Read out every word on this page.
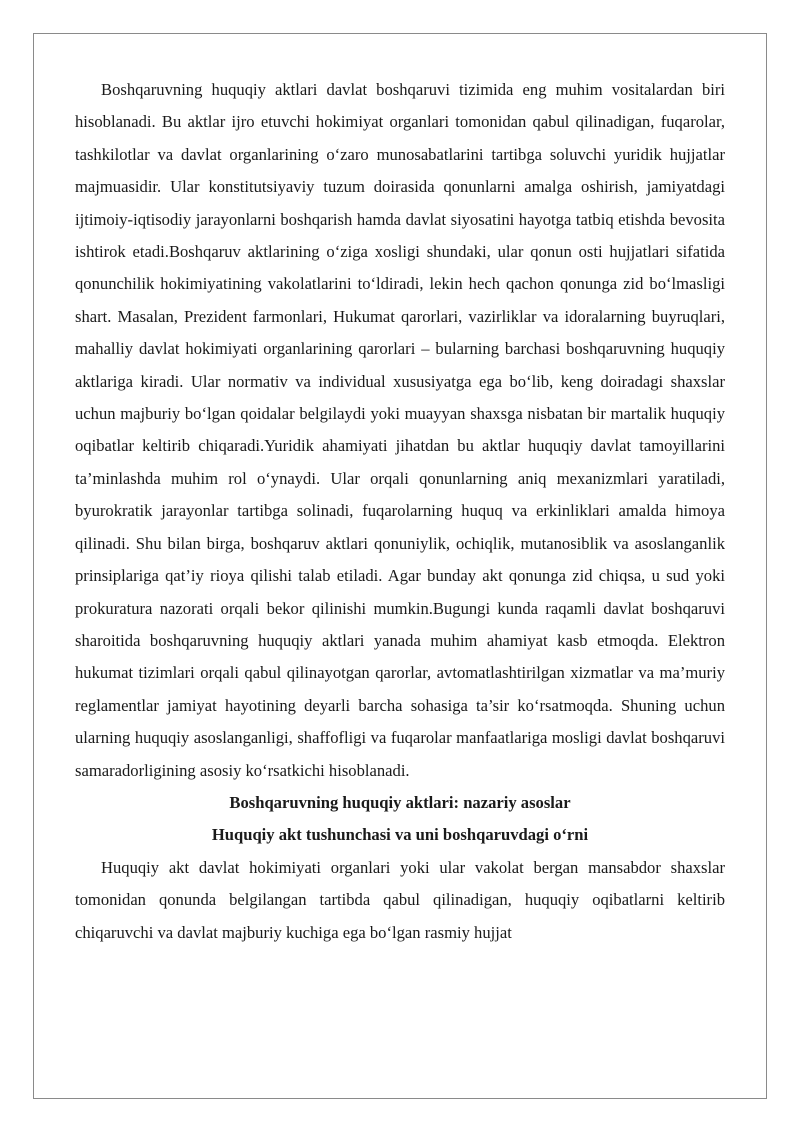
Boshqaruvning huquqiy aktlari davlat boshqaruvi tizimida eng muhim vositalardan biri hisoblanadi. Bu aktlar ijro etuvchi hokimiyat organlari tomonidan qabul qilinadigan, fuqarolar, tashkilotlar va davlat organlarining o‘zaro munosabatlarini tartibga soluvchi yuridik hujjatlar majmuasidir. Ular konstitutsiyaviy tuzum doirasida qonunlarni amalga oshirish, jamiyatdagi ijtimoiy-iqtisodiy jarayonlarni boshqarish hamda davlat siyosatini hayotga tatbiq etishda bevosita ishtirok etadi.Boshqaruv aktlarining o‘ziga xosligi shundaki, ular qonun osti hujjatlari sifatida qonunchilik hokimiyatining vakolatlarini to‘ldiradi, lekin hech qachon qonunga zid bo‘lmasligi shart. Masalan, Prezident farmonlari, Hukumat qarorlari, vazirliklar va idoralarning buyruqlari, mahalliy davlat hokimiyati organlarining qarorlari – bularning barchasi boshqaruvning huquqiy aktlariga kiradi. Ular normativ va individual xususiyatga ega bo‘lib, keng doiradagi shaxslar uchun majburiy bo‘lgan qoidalar belgilaydi yoki muayyan shaxsga nisbatan bir martalik huquqiy oqibatlar keltirib chiqaradi.Yuridik ahamiyati jihatdan bu aktlar huquqiy davlat tamoyillarini ta’minlashda muhim rol o‘ynaydi. Ular orqali qonunlarning aniq mexanizmlari yaratiladi, byurokratik jarayonlar tartibga solinadi, fuqarolarning huquq va erkinliklari amalda himoya qilinadi. Shu bilan birga, boshqaruv aktlari qonuniylik, ochiqlik, mutanosiblik va asoslanganlik prinsiplariga qat’iy rioya qilishi talab etiladi. Agar bunday akt qonunga zid chiqsa, u sud yoki prokuratura nazorati orqali bekor qilinishi mumkin.Bugungi kunda raqamli davlat boshqaruvi sharoitida boshqaruvning huquqiy aktlari yanada muhim ahamiyat kasb etmoqda. Elektron hukumat tizimlari orqali qabul qilinayotgan qarorlar, avtomatlashtirilgan xizmatlar va ma’muriy reglamentlar jamiyat hayotining deyarli barcha sohasiga ta’sir ko‘rsatmoqda. Shuning uchun ularning huquqiy asoslanganligi, shaffofligi va fuqarolar manfaatlariga mosligi davlat boshqaruvi samaradorligining asosiy ko‘rsatkichi hisoblanadi.

Boshqaruvning huquqiy aktlari: nazariy asoslar

Huquqiy akt tushunchasi va uni boshqaruvdagi o‘rni

Huquqiy akt davlat hokimiyati organlari yoki ular vakolat bergan mansabdor shaxslar tomonidan qonunda belgilangan tartibda qabul qilinadigan, huquqiy oqibatlarni keltirib chiqaruvchi va davlat majburiy kuchiga ega bo‘lgan rasmiy hujjat
